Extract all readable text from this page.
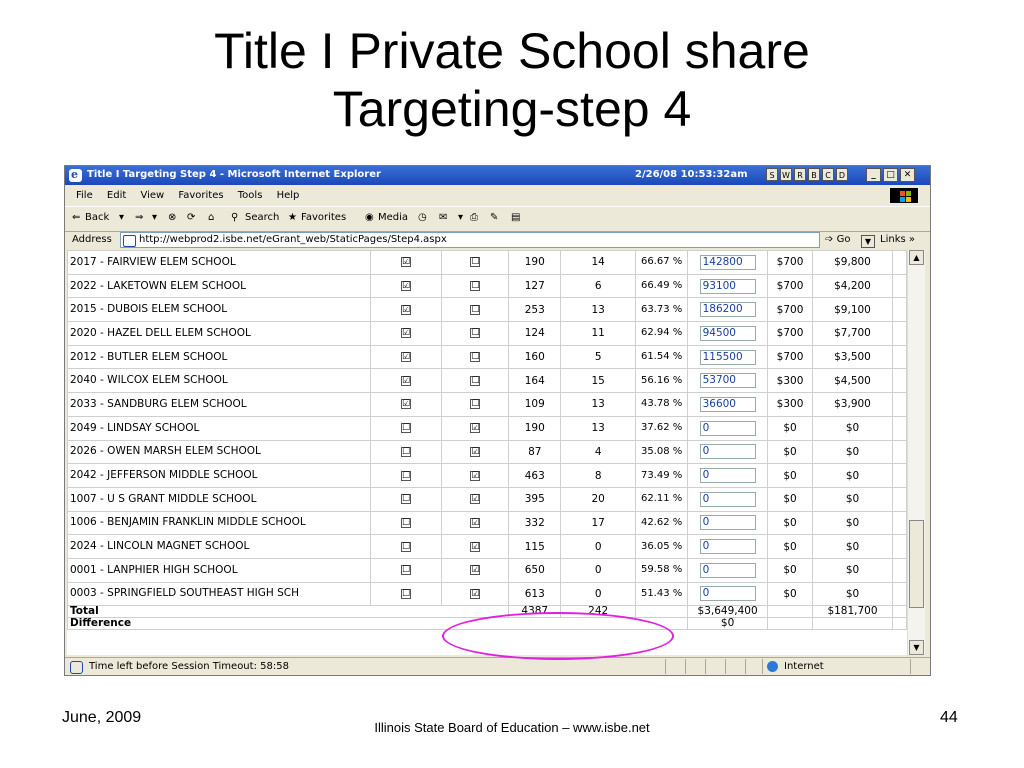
Title I Private School share
Targeting-step 4
e Title I Targeting Step 4 - Microsoft Internet Explorer	2/26/08 10:53:32am	S W R	B	C	D	_	□ ✕
File Edit View Favorites Tools Help
⇐ Back ▾ ⇒ ▾ ⊗ ⟳ ⌂ ⚲ Search ★ Favorites ◉ Media ◷ ✉ ▾ ⎙ ✎ ▤
Address	http://webprod2.isbe.net/eGrant_web/StaticPages/Step4.aspx	▼
➩ Go	Links »
2017 - FAIRVIEW ELEM SCHOOL	☑	☐	190	14	66.67 %	142800	$700	$9,800	
2022 - LAKETOWN ELEM SCHOOL	☑	☐	127	6	66.49 %	93100	$700	$4,200	
2015 - DUBOIS ELEM SCHOOL	☑	☐	253	13	63.73 %	186200	$700	$9,100	
2020 - HAZEL DELL ELEM SCHOOL	☑	☐	124	11	62.94 %	94500	$700	$7,700	
2012 - BUTLER ELEM SCHOOL	☑	☐	160	5	61.54 %	115500	$700	$3,500	
2040 - WILCOX ELEM SCHOOL	☑	☐	164	15	56.16 %	53700	$300	$4,500	
2033 - SANDBURG ELEM SCHOOL	☑	☐	109	13	43.78 %	36600	$300	$3,900	
2049 - LINDSAY SCHOOL	☐	☑	190	13	37.62 %	0	$0	$0	
2026 - OWEN MARSH ELEM SCHOOL	☐	☑	87	4	35.08 %	0	$0	$0	
2042 - JEFFERSON MIDDLE SCHOOL	☐	☑	463	8	73.49 %	0	$0	$0	
1007 - U S GRANT MIDDLE SCHOOL	☐	☑	395	20	62.11 %	0	$0	$0	
1006 - BENJAMIN FRANKLIN MIDDLE SCHOOL	☐	☑	332	17	42.62 %	0	$0	$0	
2024 - LINCOLN MAGNET SCHOOL	☐	☑	115	0	36.05 %	0	$0	$0	
0001 - LANPHIER HIGH SCHOOL	☐	☑	650	0	59.58 %	0	$0	$0	
0003 - SPRINGFIELD SOUTHEAST HIGH SCH	☐	☑	613	0	51.43 %	0	$0	$0	
Total			4387	242		$3,649,400		$181,700	
Difference						$0			
▲
▼
Time left before Session Timeout: 58:58	Internet
June, 2009
Illinois State Board of Education – www.isbe.net
44
